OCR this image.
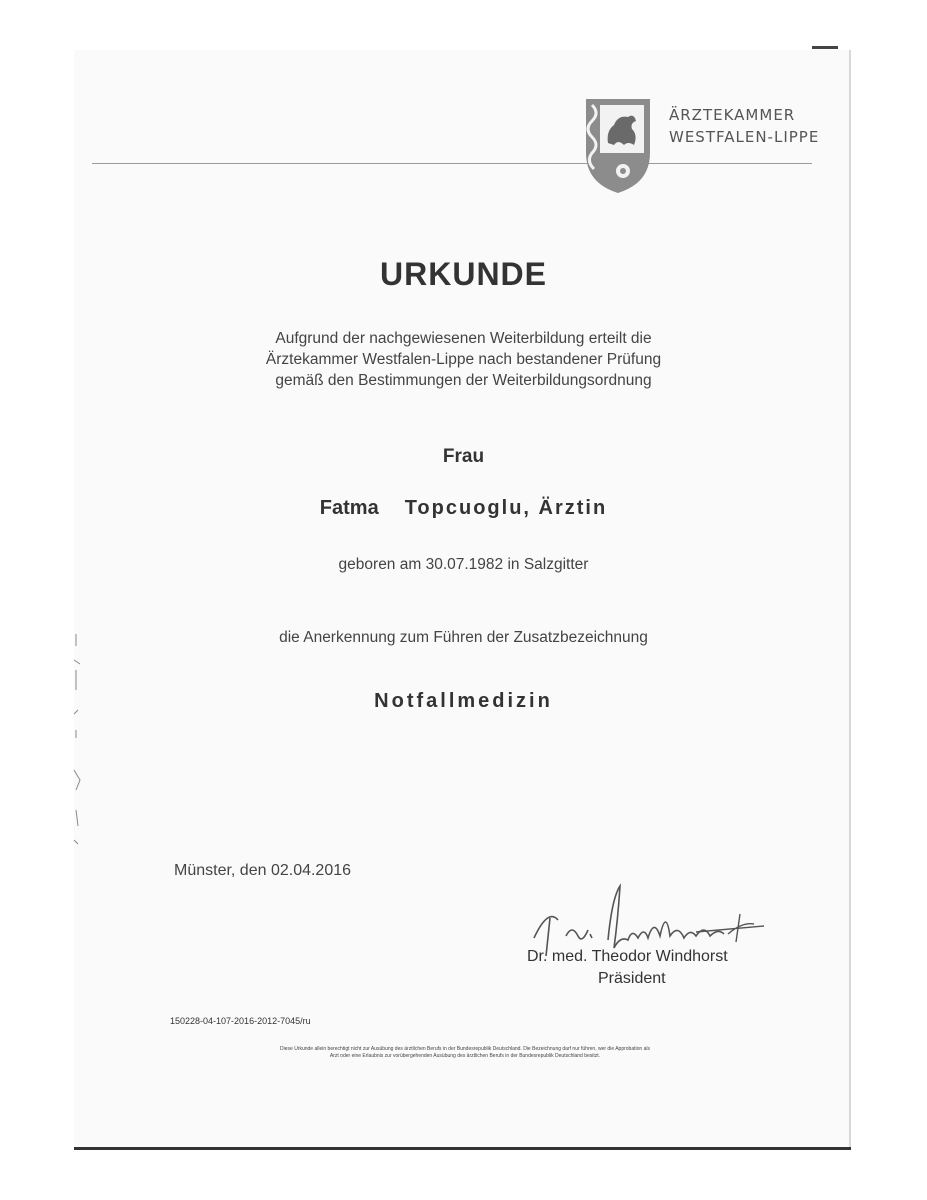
ÄRZTEKAMMER
WESTFALEN-LIPPE
URKUNDE
Aufgrund der nachgewiesenen Weiterbildung erteilt die
Ärztekammer Westfalen-Lippe nach bestandener Prüfung
gemäß den Bestimmungen der Weiterbildungsordnung
Frau
Fatma Topcuoglu, Ärztin
geboren am 30.07.1982 in Salzgitter
die Anerkennung zum Führen der Zusatzbezeichnung
Notfallmedizin
Münster, den 02.04.2016
Dr. med. Theodor Windhorst
Präsident
150228-04-107-2016-2012-7045/ru
Diese Urkunde allein berechtigt nicht zur Ausübung des ärztlichen Berufs in der Bundesrepublik Deutschland. Die Bezeichnung darf nur führen, wer die Approbation als
Arzt oder eine Erlaubnis zur vorübergehenden Ausübung des ärztlichen Berufs in der Bundesrepublik Deutschland besitzt.
